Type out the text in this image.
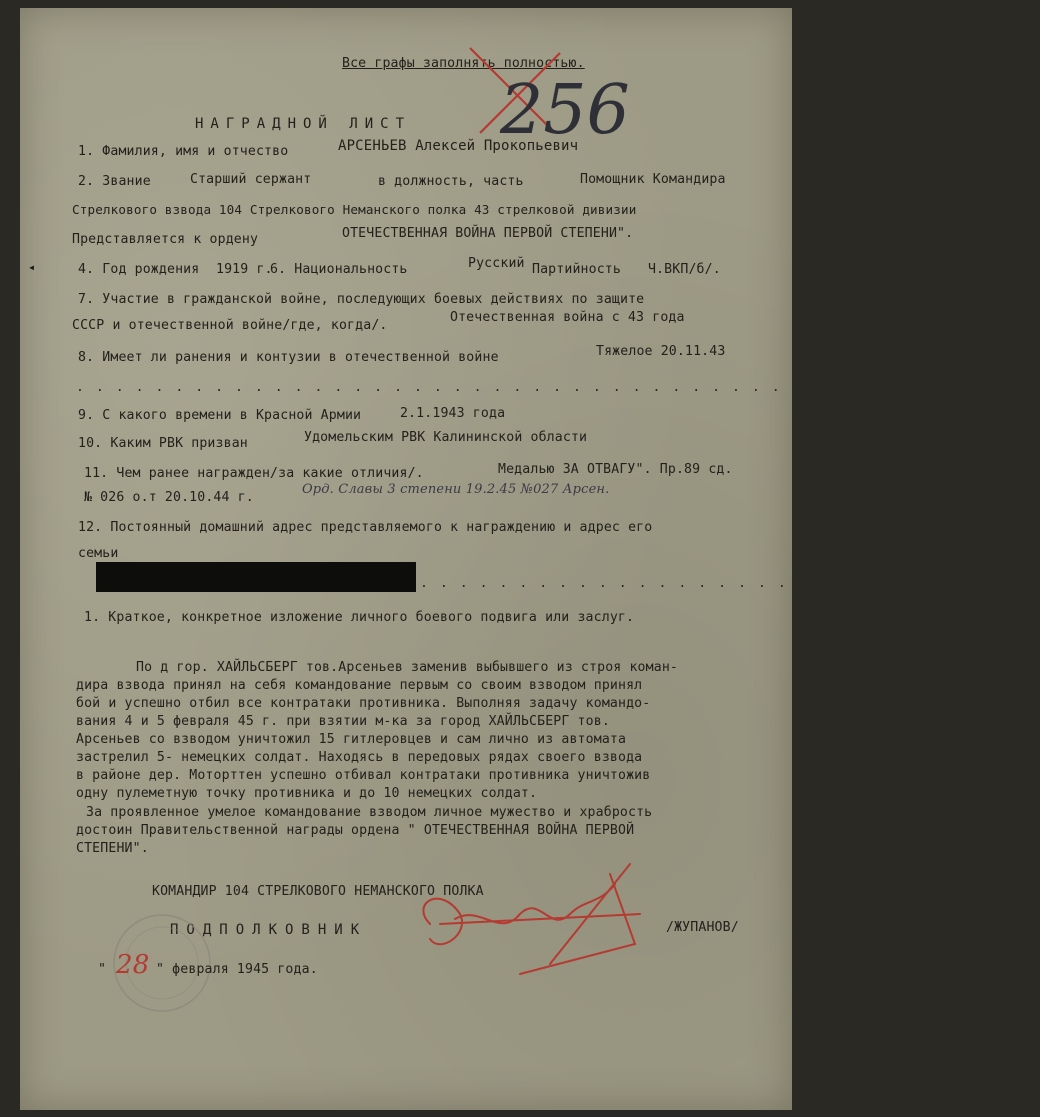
Все графы заполнять полностью.
256
НАГРАДНОЙ ЛИСТ
1. Фамилия, имя и отчество	АРСЕНЬЕВ Алексей Прокопьевич
2. Звание	Старший сержант	в должность, часть	Помощник Командира
Стрелкового взвода 104 Стрелкового Неманского полка 43 стрелковой дивизии
Представляется к ордену	ОТЕЧЕСТВЕННАЯ ВОЙНА ПЕРВОЙ СТЕПЕНИ".
4. Год рождения 1919 г.
6. Национальность	Русский Партийность Ч.ВКП/б/.
7. Участие в гражданской войне, последующих боевых действиях по защите
СССР и отечественной войне/где, когда/.
Отечественная война с 43 года
8. Имеет ли ранения и контузии в отечественной войне	Тяжелое 20.11.43
. . . . . . . . . . . . . . . . . . . . . . . . . . . . . . . . . . . . . . . . . . . . . . . . .
9. С какого времени в Красной Армии	2.1.1943 года
10. Каким РВК призван	Удомельским РВК Калининской области
11. Чем ранее награжден/за какие отличия/.	Медалью ЗА ОТВАГУ". Пр.89 сд.
№ 026 о.т 20.10.44 г.
Орд. Славы 3 степени 19.2.45 №027 Арсен.
12. Постоянный домашний адрес представляемого к награждению и адрес его
семьи
. . . . . . . . . . . . . . . . . . . . . . . . . .
1. Краткое, конкретное изложение личного боевого подвига или заслуг.
По д гор. ХАЙЛЬСБЕРГ тов.Арсеньев заменив выбывшего из строя коман-
дира взвода принял на себя командование первым со своим взводом принял
бой и успешно отбил все контратаки противника. Выполняя задачу командо-
вания 4 и 5 февраля 45 г. при взятии м-ка за город ХАЙЛЬСБЕРГ тов.
Арсеньев со взводом уничтожил 15 гитлеровцев и сам лично из автомата
застрелил 5- немецких солдат. Находясь в передовых рядах своего взвода
в районе дер. Моторттен успешно отбивал контратаки противника уничтожив
одну пулеметную точку противника и до 10 немецких солдат.
За проявленное умелое командование взводом личное мужество и храбрость
достоин Правительственной награды ордена " ОТЕЧЕСТВЕННАЯ ВОЙНА ПЕРВОЙ
СТЕПЕНИ".
КОМАНДИР 104 СТРЕЛКОВОГО НЕМАНСКОГО ПОЛКА
ПОДПОЛКОВНИК	/ЖУПАНОВ/
" 28 " февраля 1945 года.
◂
